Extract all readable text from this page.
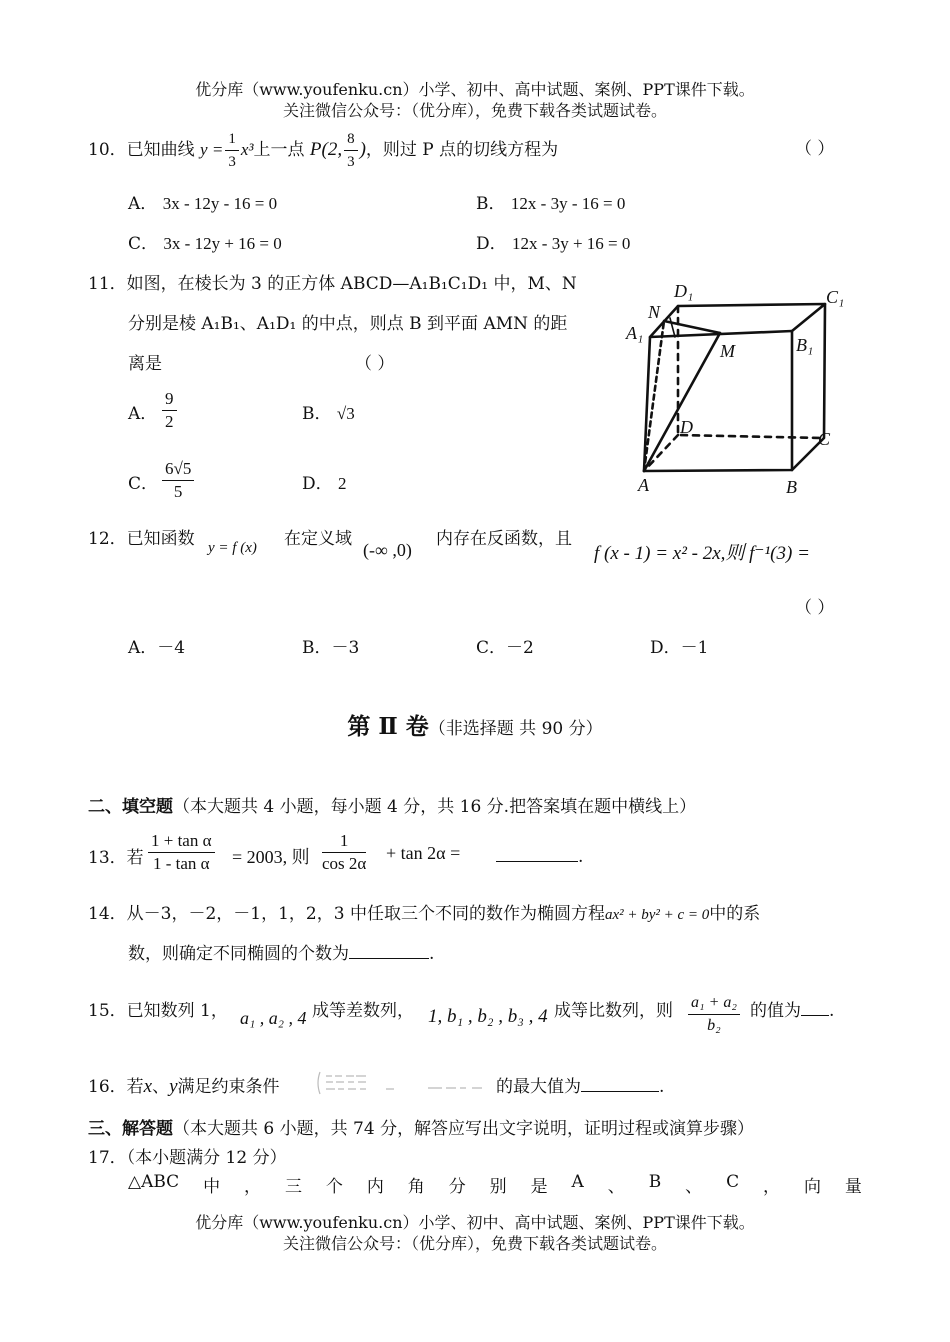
优分库（www.youfenku.cn）小学、初中、高中试题、案例、PPT课件下载。
关注微信公众号：（优分库），免费下载各类试题试卷。
10．已知曲线 $y = \frac{1}{3} x^3$上一点 P(2, $\frac{8}{3}$ )，则过 P 点的切线方程为	（ ）
A． 3x - 12y - 16 = 0	B． 12x - 3y - 16 = 0
C． 3x - 12y + 16 = 0	D． 12x - 3y + 16 = 0
11．如图，在棱长为 3 的正方体 ABCD—A₁B₁C₁D₁ 中，M、N
分别是棱 A₁B₁、A₁D₁ 的中点，则点 B 到平面 AMN 的距
离是	（ ）
A． $\frac{9}{2}$	B． √3
C． $\frac{6√5}{5}$	D． 2
D₁	C₁
N
A₁
M	B₁
D
C
A	B
12．已知函数 y = f (x) 在定义域
(-∞ ,0)
内存在反函数，且
f (x - 1) = x² - 2x,则 f⁻¹(3) =
（ ）
A．－4	B．－3	C．－2	D．－1
第 Ⅱ 卷（非选择题 共 90 分）
二、填空题（本大题共 4 小题，每小题 4 分，共 16 分.把答案填在题中横线上）
13．若 $\frac{\text{1 + tan α}}{\text{1 - tan α}} = 2003$, 则 $\frac{1}{\cos 2\alpha} + \tan 2\alpha$ =	.
14．从－3，－2，－1，1，2，3 中任取三个不同的数作为椭圆方程ax² + by² + c = 0中的系
数，则确定不同椭圆的个数为	.
15．已知数列 1， a₁ , a₂ , 4 成等差数列， 1, b₁ , b₂ , b₃ , 4 成等比数列，则 $\frac{\text{a₁ + a₂}}{\text{b₂}}$ 的值为 .
16．若x、y满足约束条件	的最大值为	.
三、解答题（本大题共 6 小题，共 74 分，解答应写出文字说明，证明过程或演算步骤）
17．（本小题满分 12 分）
△ABC 中 ， 三 个 内 角 分 别 是 A 、 B 、 C ， 向 量
优分库（www.youfenku.cn）小学、初中、高中试题、案例、PPT课件下载。
关注微信公众号：（优分库），免费下载各类试题试卷。
